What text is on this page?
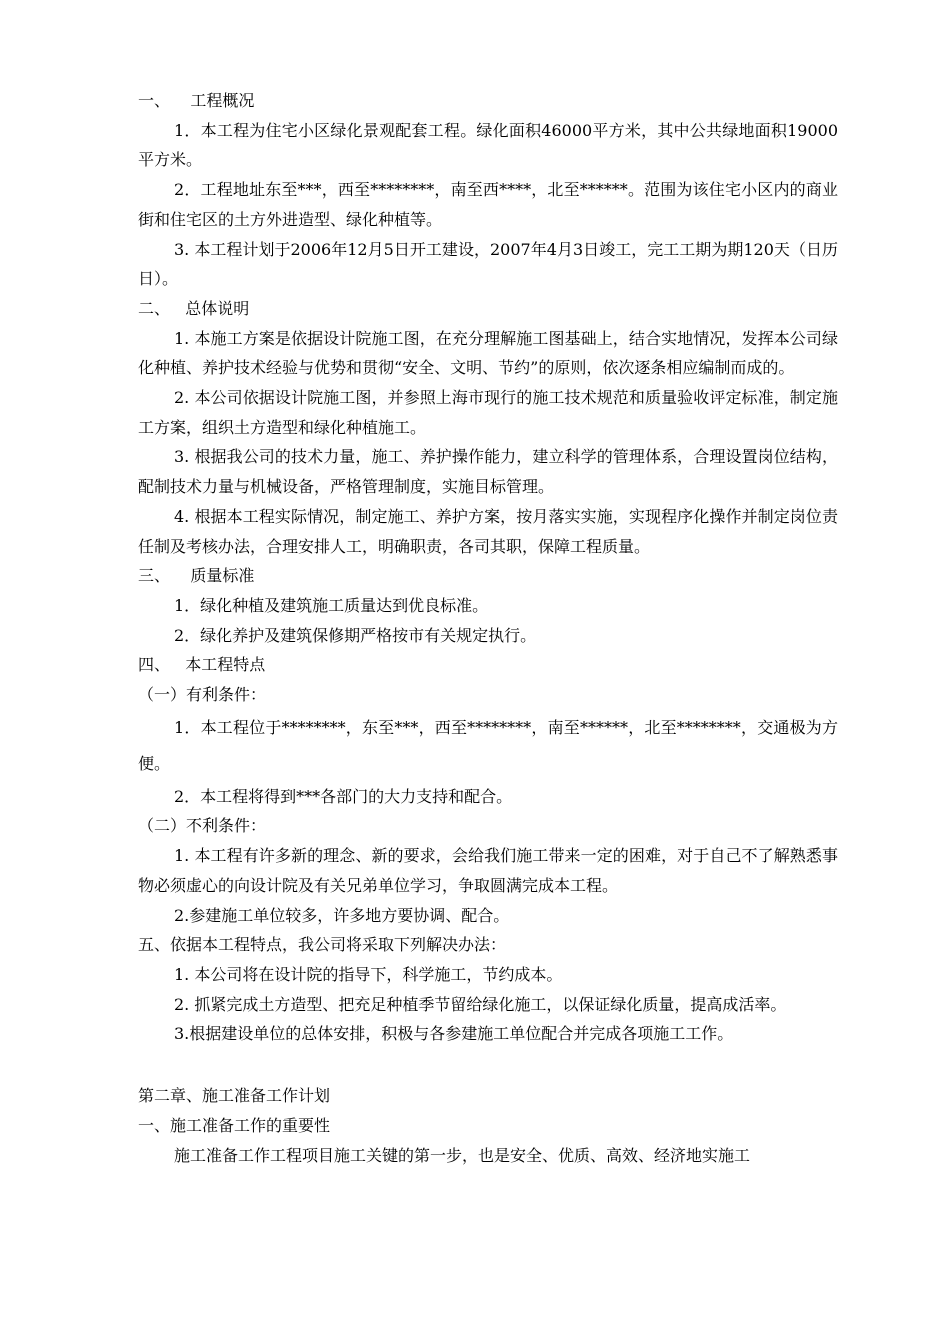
一、    工程概况

1．本工程为住宅小区绿化景观配套工程。绿化面积46000平方米，其中公共绿地面积19000平方米。

2．工程地址东至***，西至********，南至西****，北至******。范围为该住宅小区内的商业街和住宅区的土方外进造型、绿化种植等。

3. 本工程计划于2006年12月5日开工建设，2007年4月3日竣工，完工工期为期120天（日历日）。

二、   总体说明

1. 本施工方案是依据设计院施工图，在充分理解施工图基础上，结合实地情况，发挥本公司绿化种植、养护技术经验与优势和贯彻“安全、文明、节约”的原则，依次逐条相应编制而成的。

2. 本公司依据设计院施工图，并参照上海市现行的施工技术规范和质量验收评定标准，制定施工方案，组织土方造型和绿化种植施工。

3. 根据我公司的技术力量，施工、养护操作能力，建立科学的管理体系，合理设置岗位结构，配制技术力量与机械设备，严格管理制度，实施目标管理。

4. 根据本工程实际情况，制定施工、养护方案，按月落实实施，实现程序化操作并制定岗位责任制及考核办法，合理安排人工，明确职责，各司其职，保障工程质量。

三、    质量标准

1．绿化种植及建筑施工质量达到优良标准。

2．绿化养护及建筑保修期严格按市有关规定执行。

四、   本工程特点

（一）有利条件：

1．本工程位于********，东至***，西至********，南至******，北至********，交通极为方便。

2．本工程将得到***各部门的大力支持和配合。

（二）不利条件：

1. 本工程有许多新的理念、新的要求，会给我们施工带来一定的困难，对于自己不了解熟悉事物必须虚心的向设计院及有关兄弟单位学习，争取圆满完成本工程。

2.参建施工单位较多，许多地方要协调、配合。

五、依据本工程特点，我公司将采取下列解决办法：

1. 本公司将在设计院的指导下，科学施工，节约成本。

2. 抓紧完成土方造型、把充足种植季节留给绿化施工，以保证绿化质量，提高成活率。

3.根据建设单位的总体安排，积极与各参建施工单位配合并完成各项施工工作。

第二章、施工准备工作计划

一、施工准备工作的重要性

施工准备工作工程项目施工关键的第一步，也是安全、优质、高效、经济地实施工
